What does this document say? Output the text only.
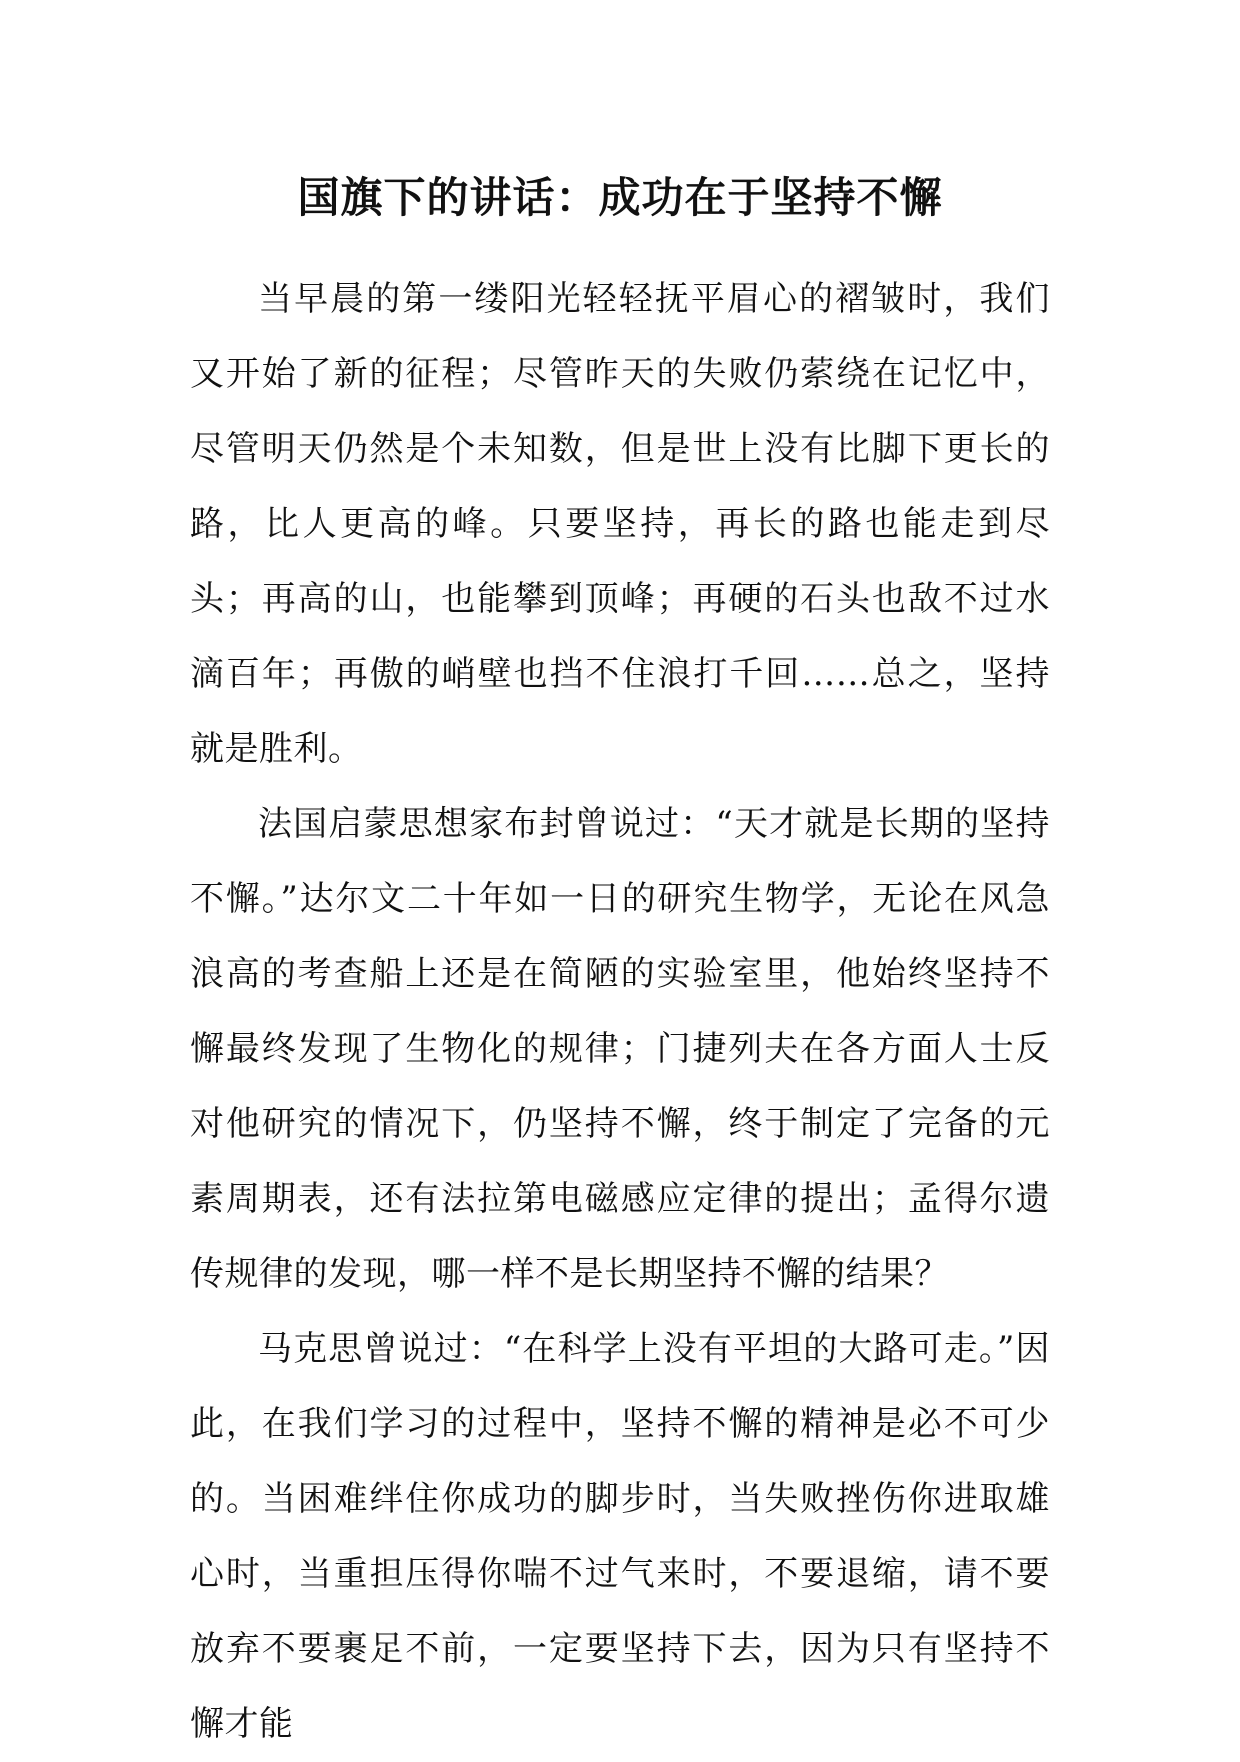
国旗下的讲话：成功在于坚持不懈

当早晨的第一缕阳光轻轻抚平眉心的褶皱时，我们又开始了新的征程；尽管昨天的失败仍萦绕在记忆中，尽管明天仍然是个未知数，但是世上没有比脚下更长的路，比人更高的峰。只要坚持，再长的路也能走到尽头；再高的山，也能攀到顶峰；再硬的石头也敌不过水滴百年；再傲的峭壁也挡不住浪打千回……总之，坚持就是胜利。

法国启蒙思想家布封曾说过：“天才就是长期的坚持不懈。”达尔文二十年如一日的研究生物学，无论在风急浪高的考查船上还是在简陋的实验室里，他始终坚持不懈最终发现了生物化的规律；门捷列夫在各方面人士反对他研究的情况下，仍坚持不懈，终于制定了完备的元素周期表，还有法拉第电磁感应定律的提出；孟得尔遗传规律的发现，哪一样不是长期坚持不懈的结果？

马克思曾说过：“在科学上没有平坦的大路可走。”因此，在我们学习的过程中，坚持不懈的精神是必不可少的。当困难绊住你成功的脚步时，当失败挫伤你进取雄心时，当重担压得你喘不过气来时，不要退缩，请不要放弃不要裹足不前，一定要坚持下去，因为只有坚持不懈才能
